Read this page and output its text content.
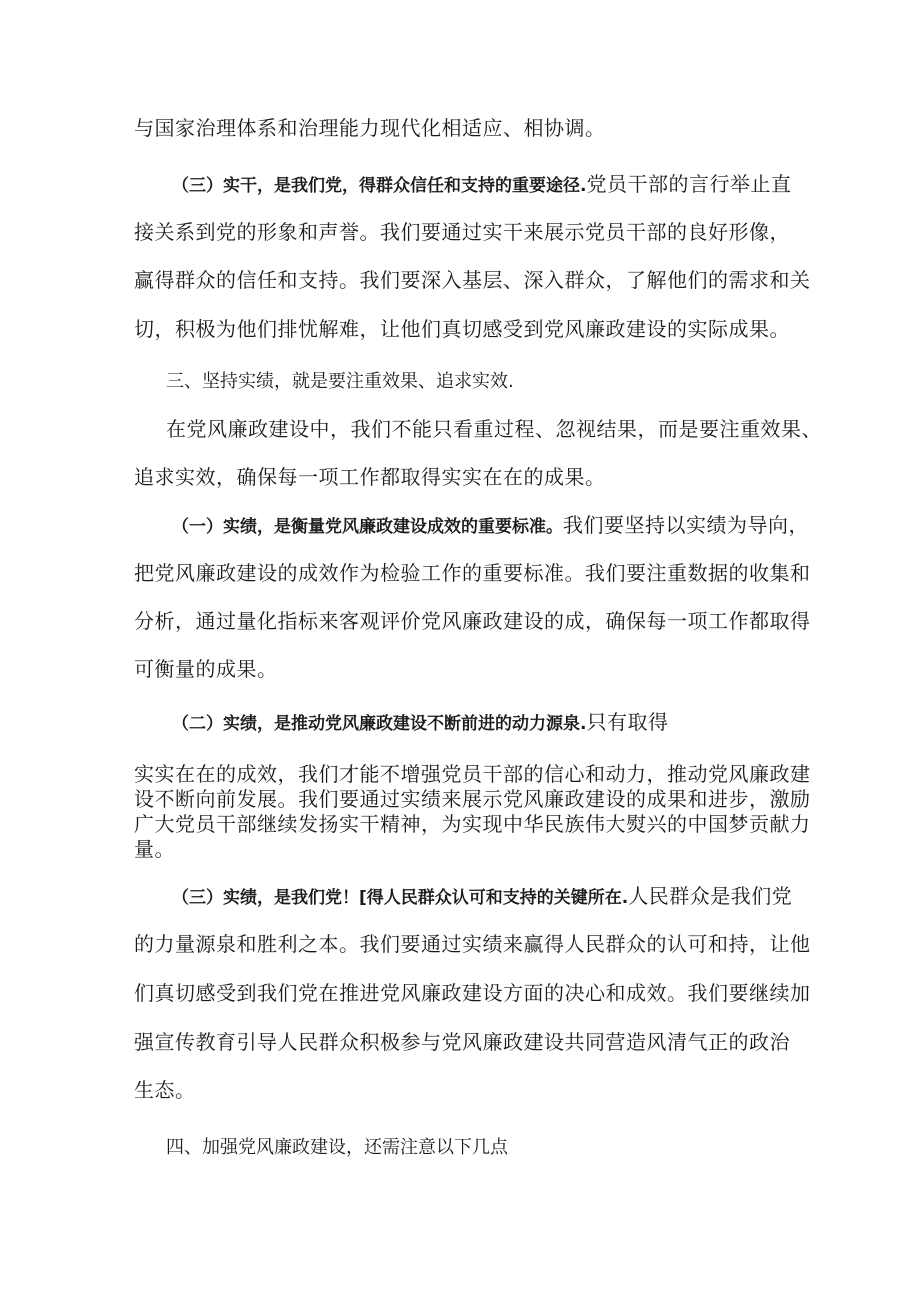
与国家治理体系和治理能力现代化相适应、相协调。
（三）实干，是我们党，得群众信任和支持的重要途径.党员干部的言行举止直
接关系到党的形象和声誉。我们要通过实干来展示党员干部的良好形像，
赢得群众的信任和支持。我们要深入基层、深入群众，了解他们的需求和关
切，积极为他们排忧解难，让他们真切感受到党风廉政建设的实际成果。
三、坚持实绩，就是要注重效果、追求实效.
在党风廉政建设中，我们不能只看重过程、忽视结果，而是要注重效果、
追求实效，确保每一项工作都取得实实在在的成果。
（一）实绩，是衡量党风廉政建设成效的重要标准。我们要坚持以实绩为导向，
把党风廉政建设的成效作为检验工作的重要标准。我们要注重数据的收集和
分析，通过量化指标来客观评价党风廉政建设的成，确保每一项工作都取得
可衡量的成果。
（二）实绩，是推动党风廉政建设不断前进的动力源泉.只有取得
实实在在的成效，我们才能不增强党员干部的信心和动力，推动党风廉政建
设不断向前发展。我们要通过实绩来展示党风廉政建设的成果和进步，激励
广大党员干部继续发扬实干精神，为实现中华民族伟大熨兴的中国梦贡献力
量。
（三）实绩，是我们党！[得人民群众认可和支持的关键所在.人民群众是我们党
的力量源泉和胜利之本。我们要通过实绩来赢得人民群众的认可和持，让他
们真切感受到我们党在推进党风廉政建设方面的决心和成效。我们要继续加
强宣传教育引导人民群众积极参与党风廉政建设共同营造风清气正的政治
生态。
四、加强党风廉政建设，还需注意以下几点
